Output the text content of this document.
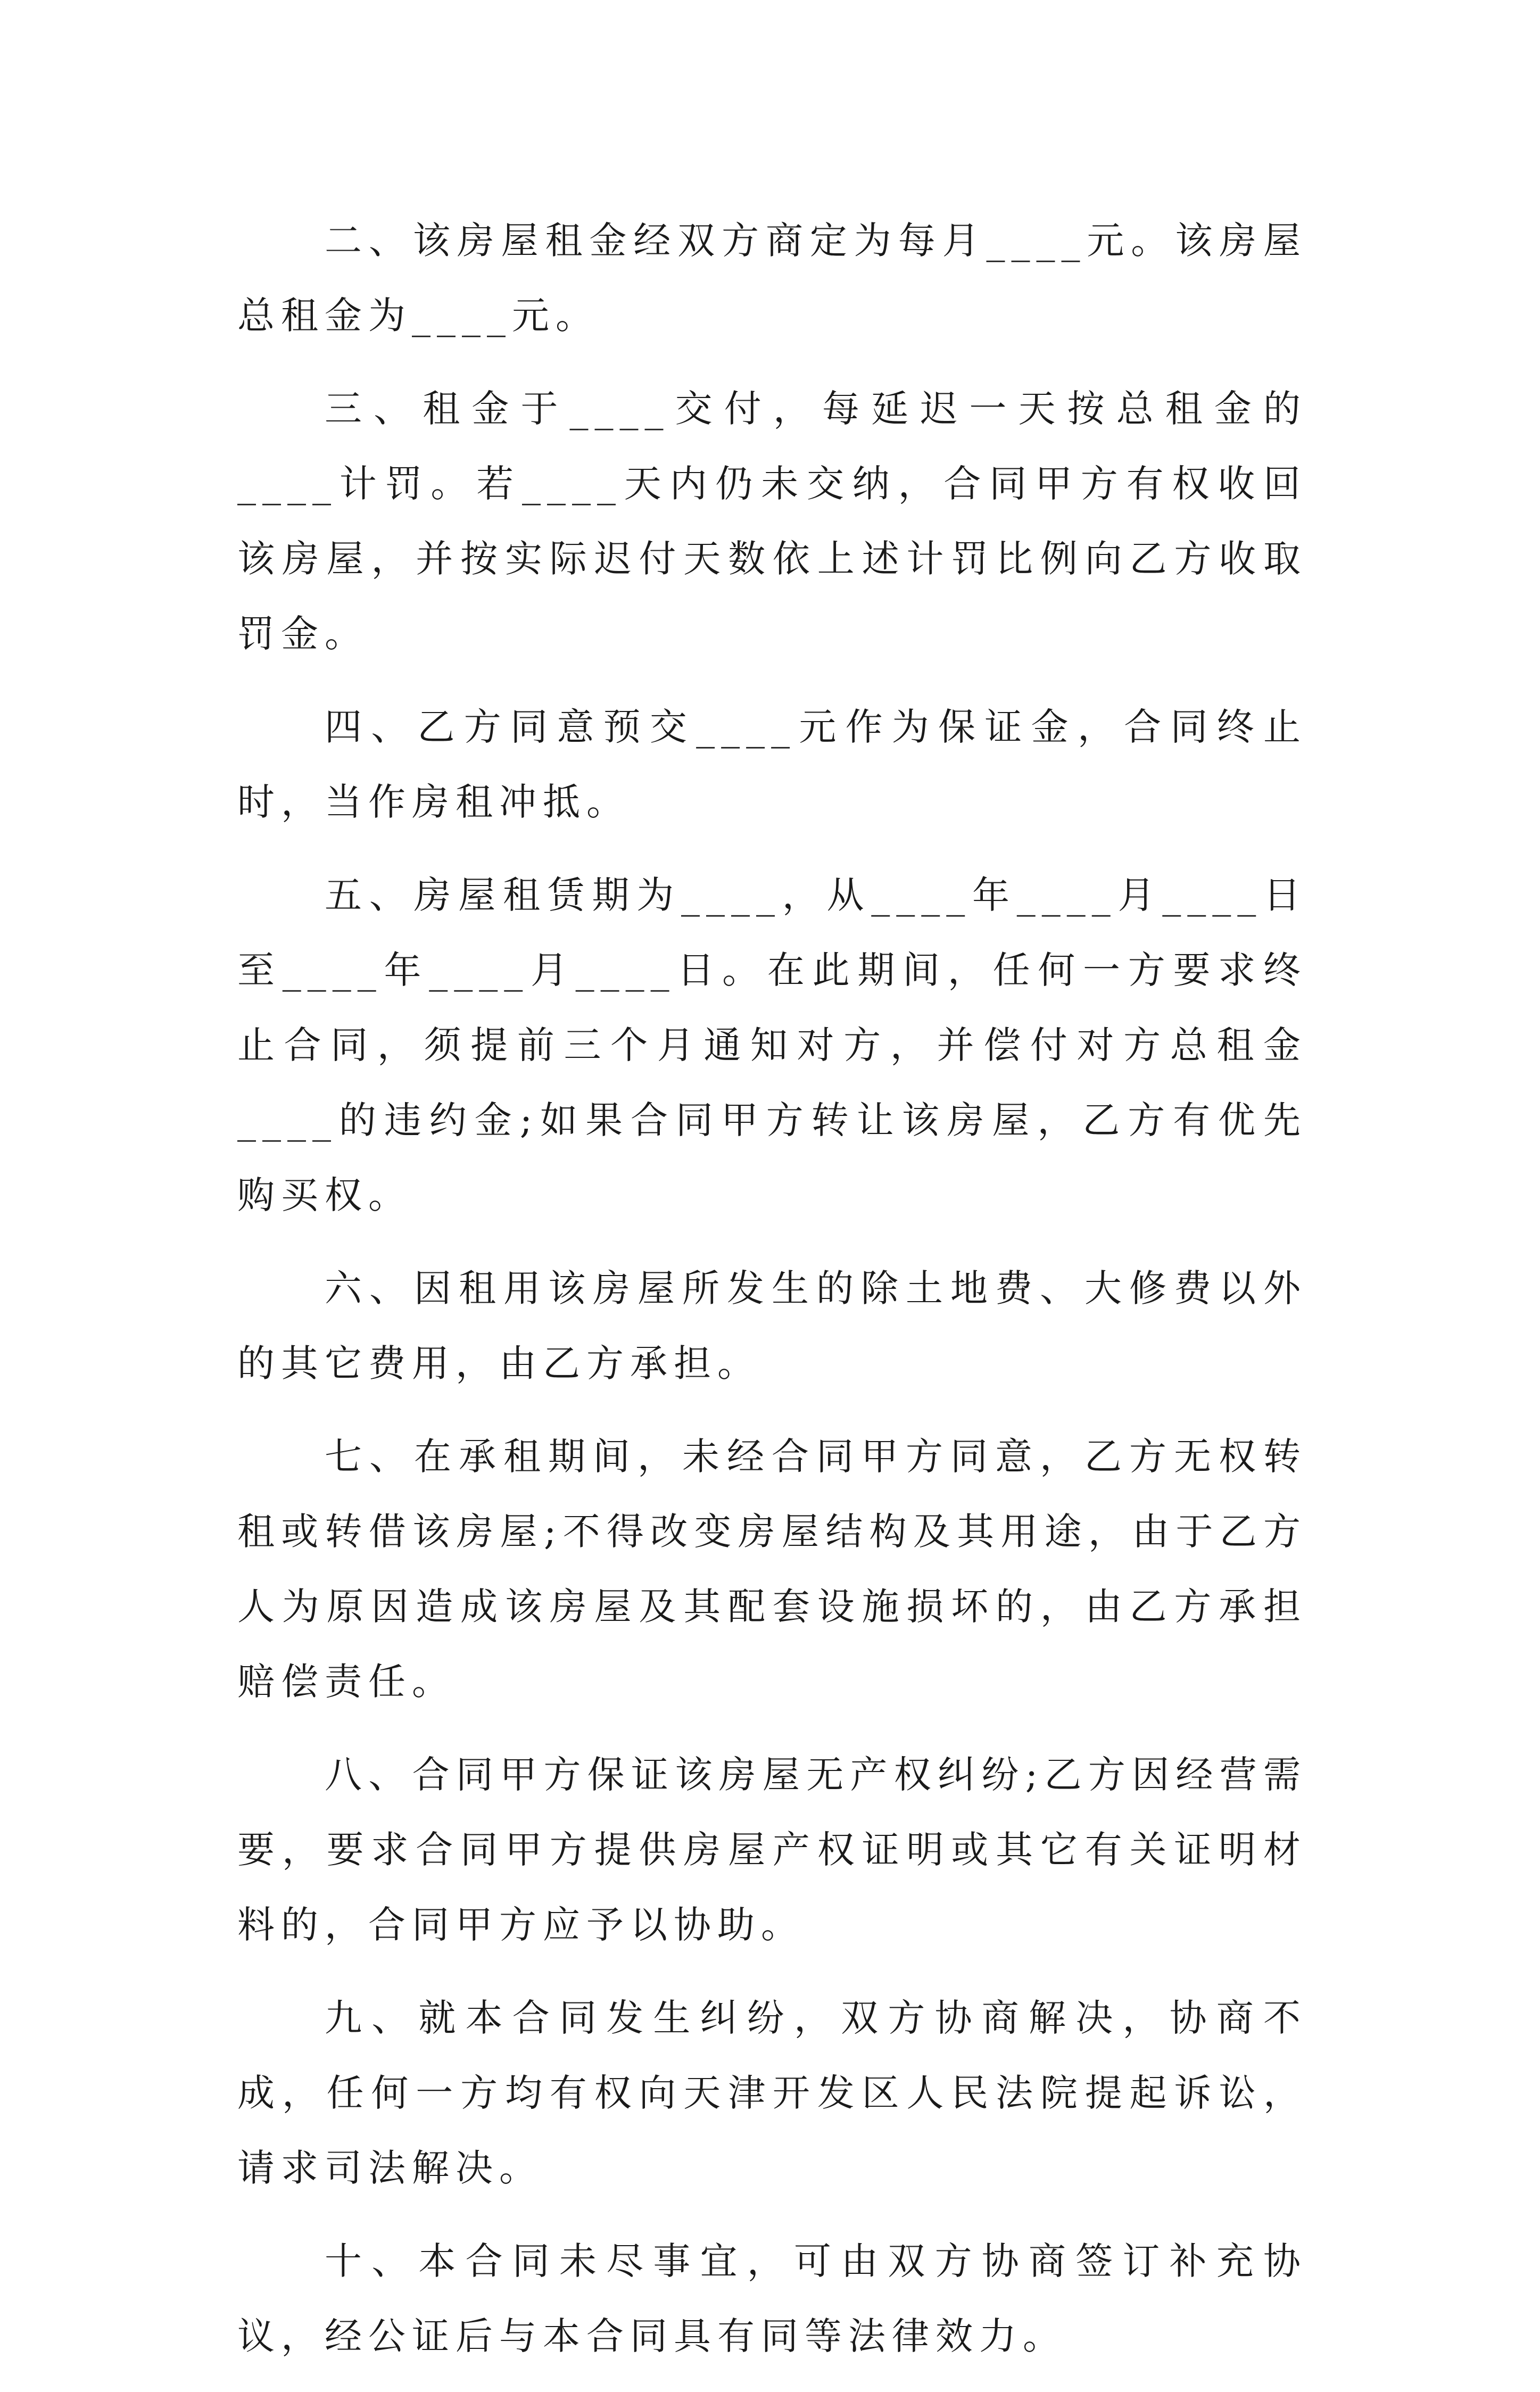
二、该房屋租金经双方商定为每月____元。该房屋总租金为____元。

三、租金于____交付，每延迟一天按总租金的____计罚。若____天内仍未交纳，合同甲方有权收回该房屋，并按实际迟付天数依上述计罚比例向乙方收取罚金。

四、乙方同意预交____元作为保证金，合同终止时，当作房租冲抵。

五、房屋租赁期为____，从____年____月____日至____年____月____日。在此期间，任何一方要求终止合同，须提前三个月通知对方，并偿付对方总租金____的违约金;如果合同甲方转让该房屋，乙方有优先购买权。

六、因租用该房屋所发生的除土地费、大修费以外的其它费用，由乙方承担。

七、在承租期间，未经合同甲方同意，乙方无权转租或转借该房屋;不得改变房屋结构及其用途，由于乙方人为原因造成该房屋及其配套设施损坏的，由乙方承担赔偿责任。

八、合同甲方保证该房屋无产权纠纷;乙方因经营需要，要求合同甲方提供房屋产权证明或其它有关证明材料的，合同甲方应予以协助。

九、就本合同发生纠纷，双方协商解决，协商不成，任何一方均有权向天津开发区人民法院提起诉讼，请求司法解决。

十、本合同未尽事宜，可由双方协商签订补充协议，经公证后与本合同具有同等法律效力。
